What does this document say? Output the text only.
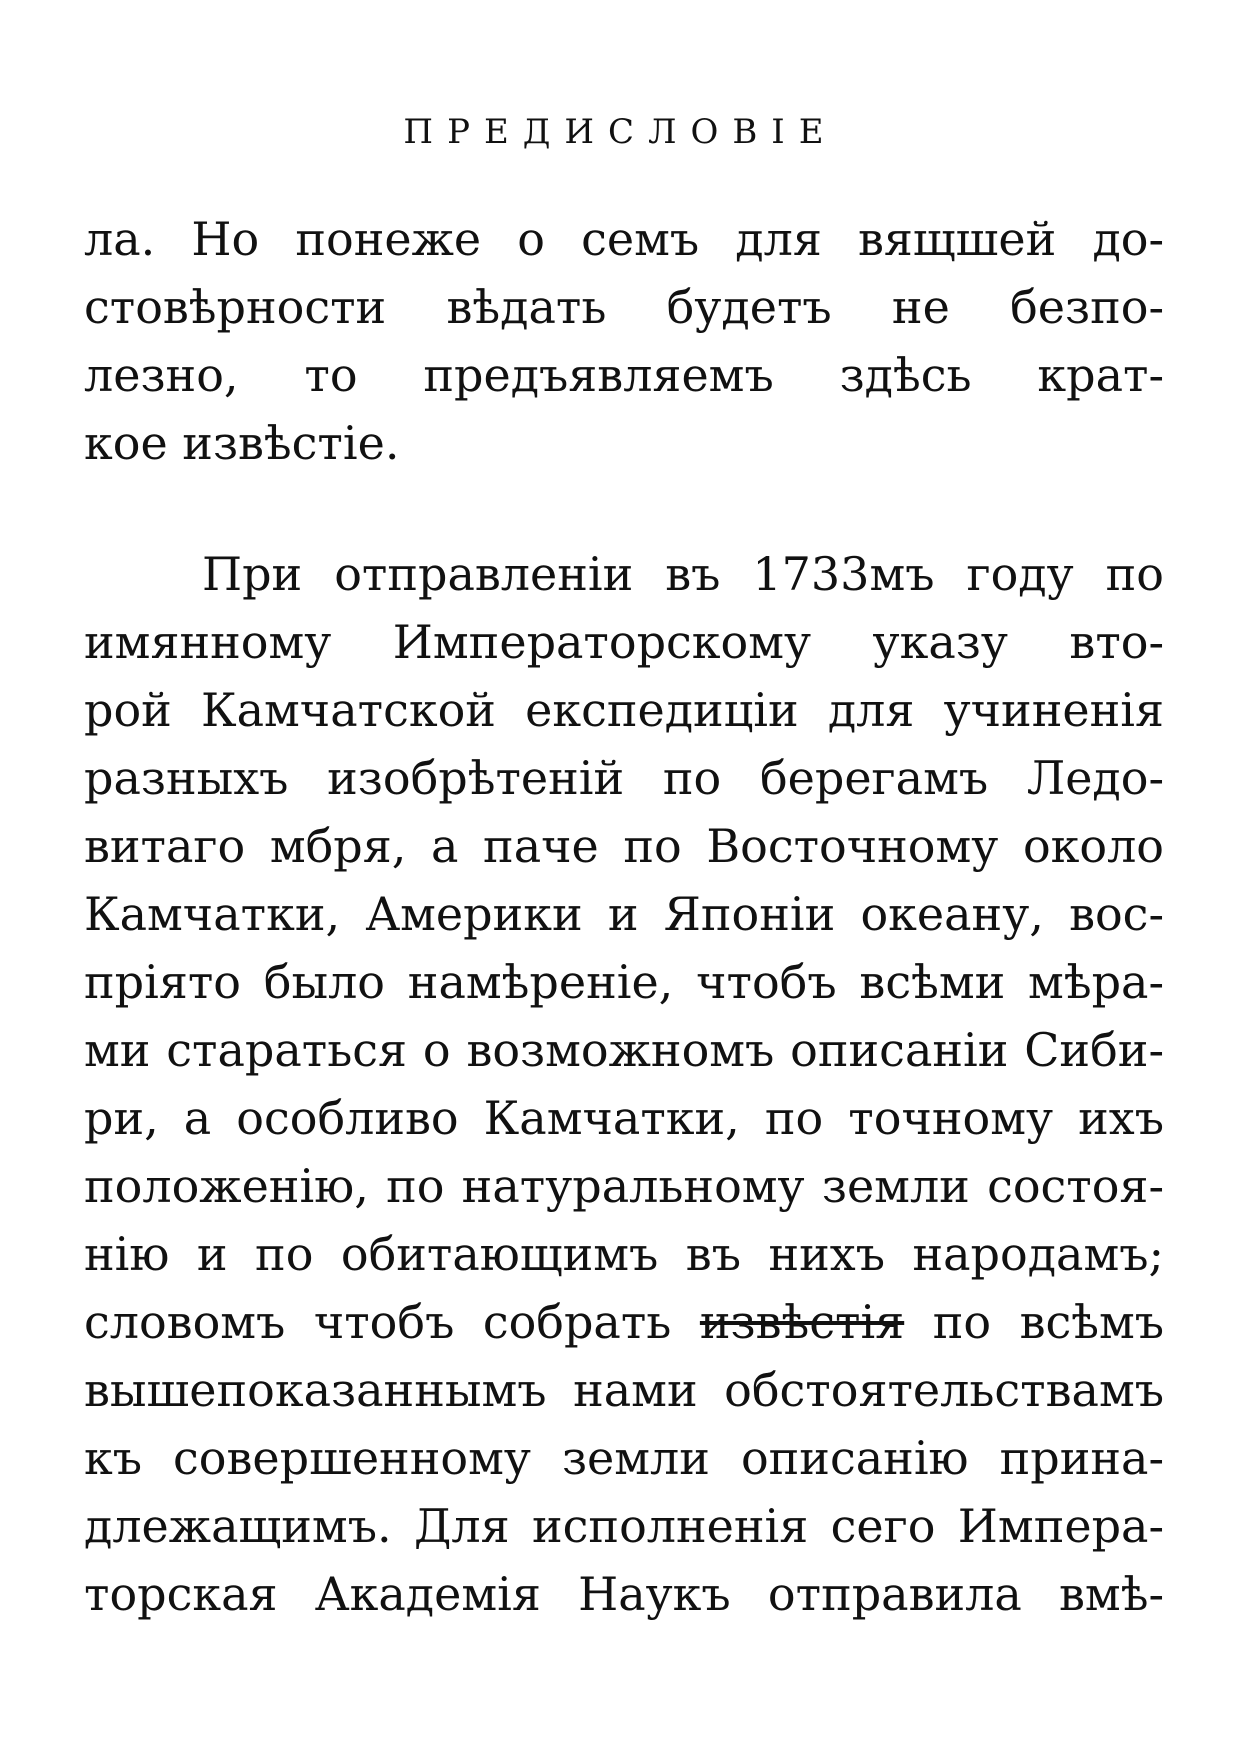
ПРЕДИСЛОВІЕ
ла. Но понеже о семъ для вящшей до-
стовѣрности вѣдать будетъ не безпо-
лезно, то предъявляемъ здѣсь крат-
кое извѣстіе.
При отправленіи въ 1733мъ году по
имянному Императорскому указу вто-
рой Камчатской експедиціи для учиненія
разныхъ изобрѣтеній по берегамъ Ледо-
витаго мбря, а паче по Восточному около
Камчатки, Америки и Японіи океану, вос-
пріято было намѣреніе, чтобъ всѣми мѣра-
ми стараться о возможномъ описаніи Сиби-
ри, а особливо Камчатки, по точному ихъ
положенію, по натуральному земли состоя-
нію и по обитающимъ въ нихъ народамъ;
словомъ чтобъ собрать извѣстія по всѣмъ
вышепоказаннымъ нами обстоятельствамъ
къ совершенному земли описанію прина-
длежащимъ. Для исполненія сего Импера-
торская Академія Наукъ отправила вмѣ-
